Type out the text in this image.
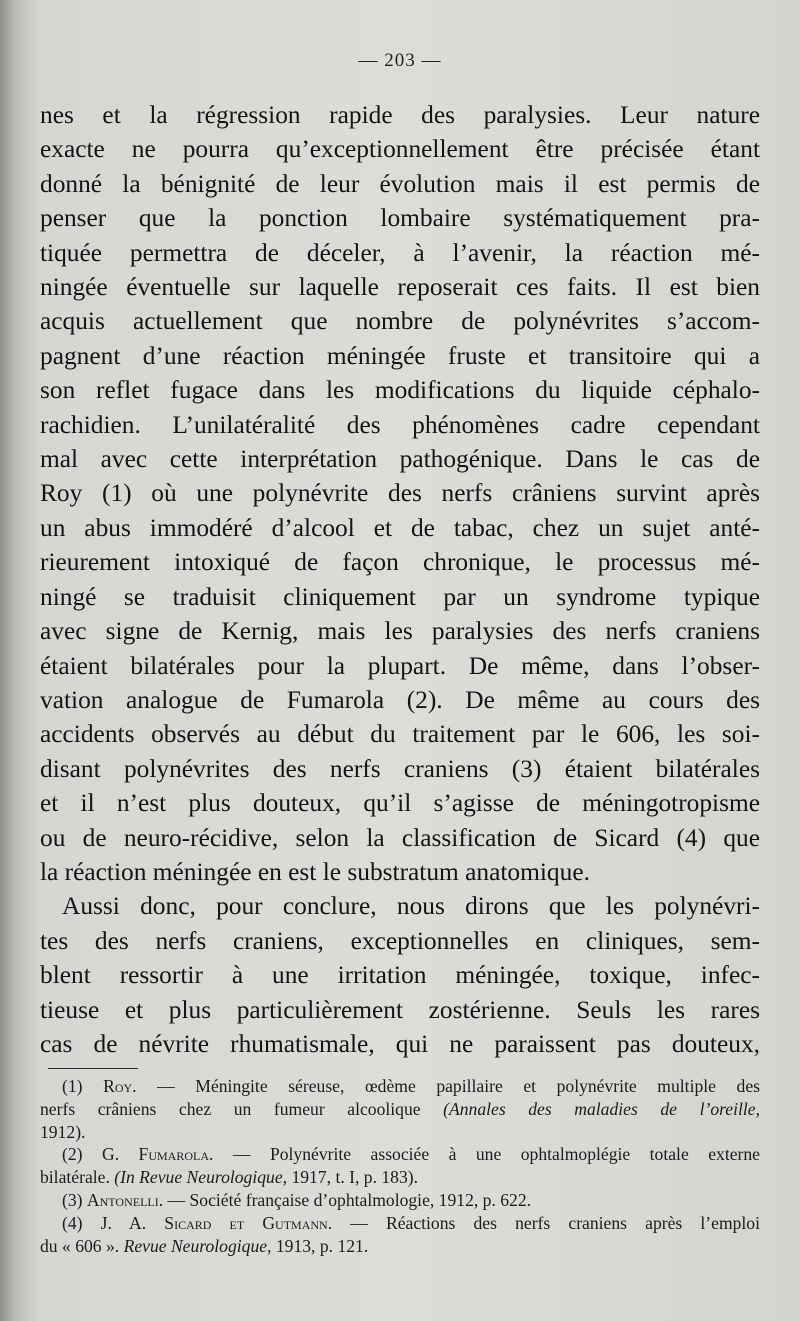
— 203 —
nes et la régression rapide des paralysies. Leur nature
exacte ne pourra qu’exceptionnellement être précisée étant
donné la bénignité de leur évolution mais il est permis de
penser que la ponction lombaire systématiquement pra-
tiquée permettra de déceler, à l’avenir, la réaction mé-
ningée éventuelle sur laquelle reposerait ces faits. Il est bien
acquis actuellement que nombre de polynévrites s’accom-
pagnent d’une réaction méningée fruste et transitoire qui a
son reflet fugace dans les modifications du liquide céphalo-
rachidien. L’unilatéralité des phénomènes cadre cependant
mal avec cette interprétation pathogénique. Dans le cas de
Roy (1) où une polynévrite des nerfs crâniens survint après
un abus immodéré d’alcool et de tabac, chez un sujet anté-
rieurement intoxiqué de façon chronique, le processus mé-
ningé se traduisit cliniquement par un syndrome typique
avec signe de Kernig, mais les paralysies des nerfs craniens
étaient bilatérales pour la plupart. De même, dans l’obser-
vation analogue de Fumarola (2). De même au cours des
accidents observés au début du traitement par le 606, les soi-
disant polynévrites des nerfs craniens (3) étaient bilatérales
et il n’est plus douteux, qu’il s’agisse de méningotropisme
ou de neuro-récidive, selon la classification de Sicard (4) que
la réaction méningée en est le substratum anatomique.
Aussi donc, pour conclure, nous dirons que les polynévri-
tes des nerfs craniens, exceptionnelles en cliniques, sem-
blent ressortir à une irritation méningée, toxique, infec-
tieuse et plus particulièrement zostérienne. Seuls les rares
cas de névrite rhumatismale, qui ne paraissent pas douteux,
(1) Roy. — Méningite séreuse, œdème papillaire et polynévrite multiple des
nerfs crâniens chez un fumeur alcoolique (Annales des maladies de l’oreille,
1912).
(2) G. Fumarola. — Polynévrite associée à une ophtalmoplégie totale externe
bilatérale. (In Revue Neurologique, 1917, t. I, p. 183).
(3) Antonelli. — Société française d’ophtalmologie, 1912, p. 622.
(4) J. A. Sicard et Gutmann. — Réactions des nerfs craniens après l’emploi
du « 606 ». Revue Neurologique, 1913, p. 121.
